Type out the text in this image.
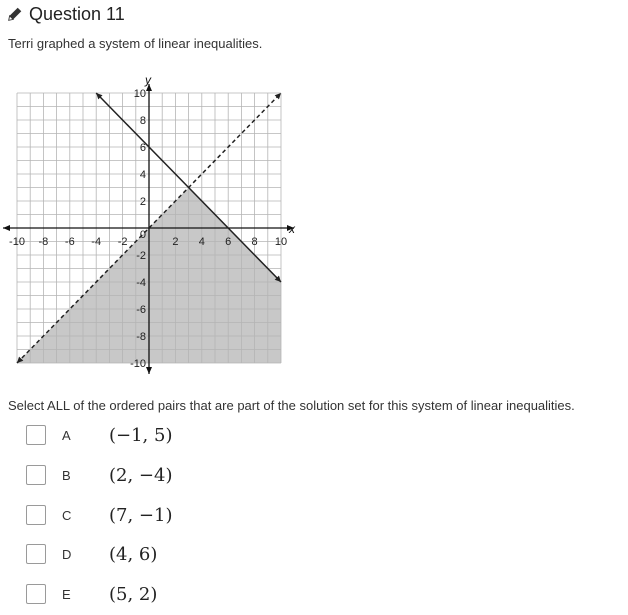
Question 11
Terri graphed a system of linear inequalities.
x
y
-10 -8 -6 -4 -2
0
2 4 6 8 10
-10
-8
-6
-4
-2
2
4
6
8
10
Select ALL of the ordered pairs that are part of the solution set for this system of linear inequalities.
A (−1, 5)
B (2, −4)
C (7, −1)
D (4, 6)
E (5, 2)
